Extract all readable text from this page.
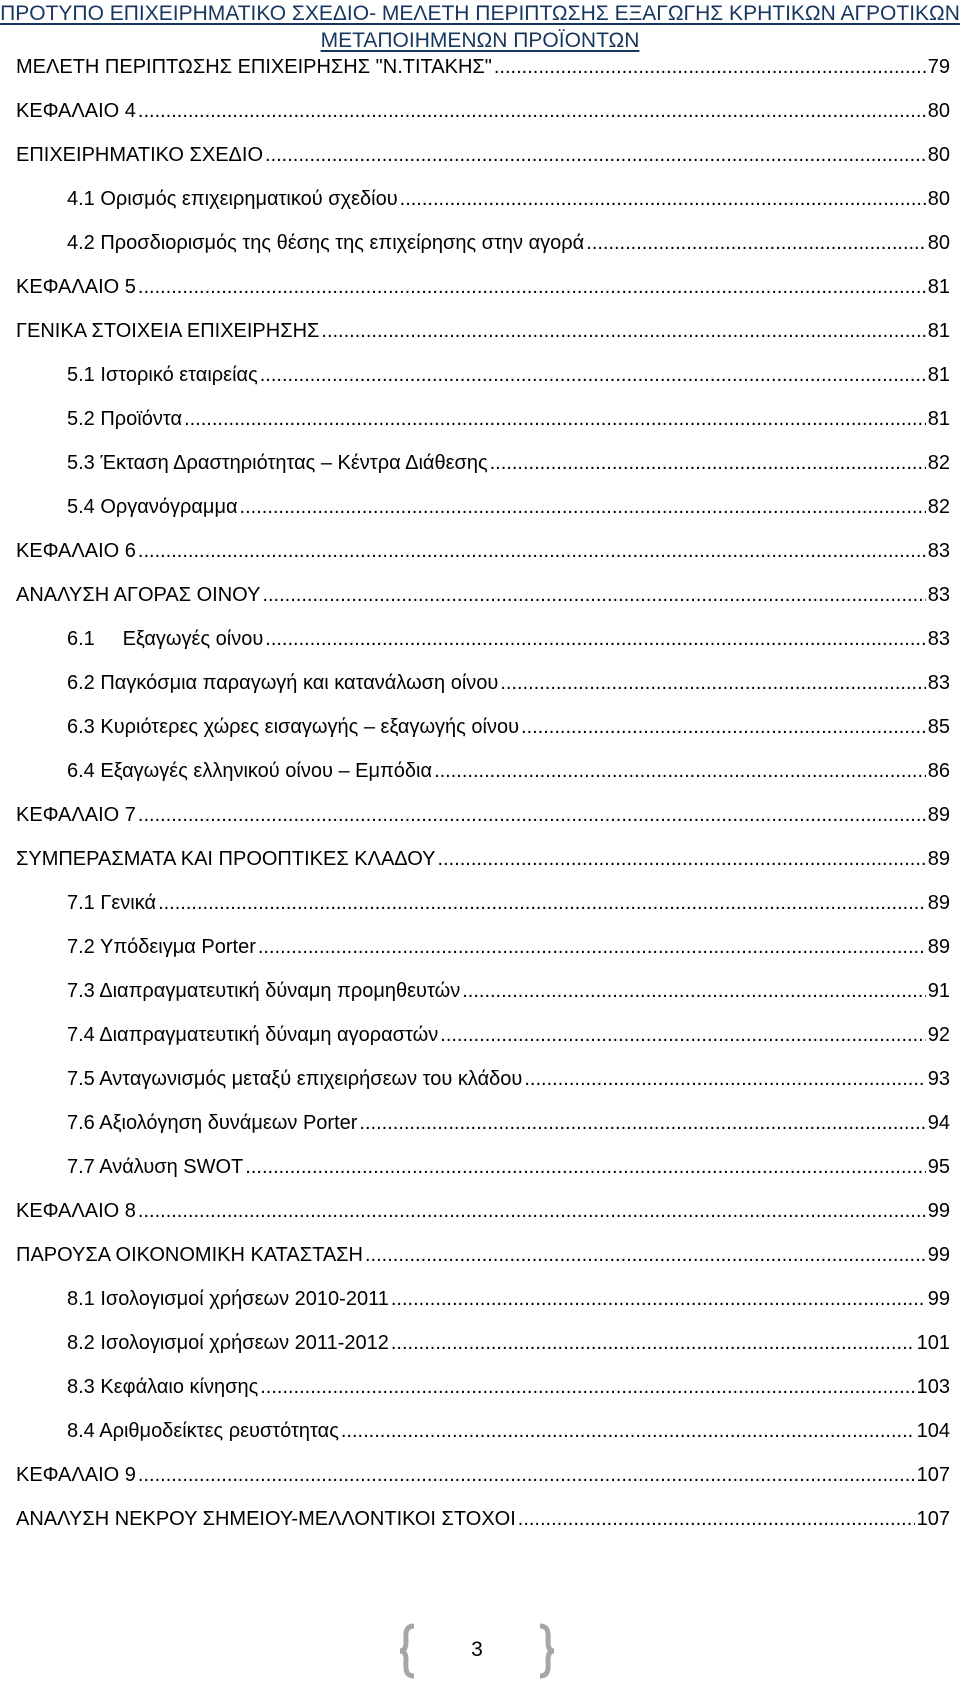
ΠΡΟΤΥΠΟ ΕΠΙΧΕΙΡΗΜΑΤΙΚΟ ΣΧΕΔΙΟ- ΜΕΛΕΤΗ ΠΕΡΙΠΤΩΣΗΣ ΕΞΑΓΩΓΗΣ ΚΡΗΤΙΚΩΝ ΑΓΡΟΤΙΚΩΝ
ΜΕΤΑΠΟΙΗΜΕΝΩΝ ΠΡΟΪΟΝΤΩΝ
ΜΕΛΕΤΗ ΠΕΡΙΠΤΩΣΗΣ ΕΠΙΧΕΙΡΗΣΗΣ "Ν.ΤΙΤΑΚΗΣ" .....	79
ΚΕΦΑΛΑΙΟ 4 .....	80
ΕΠΙΧΕΙΡΗΜΑΤΙΚΟ ΣΧΕΔΙΟ .....	80
4.1 Ορισμός επιχειρηματικού σχεδίου .....	80
4.2 Προσδιορισμός της θέσης της επιχείρησης στην αγορά .....	80
ΚΕΦΑΛΑΙΟ 5 .....	81
ΓΕΝΙΚΑ ΣΤΟΙΧΕΙΑ ΕΠΙΧΕΙΡΗΣΗΣ .....	81
5.1 Ιστορικό εταιρείας .....	81
5.2 Προϊόντα .....	81
5.3 Έκταση Δραστηριότητας – Κέντρα Διάθεσης .....	82
5.4 Οργανόγραμμα .....	82
ΚΕΦΑΛΑΙΟ 6 .....	83
ΑΝΑΛΥΣΗ ΑΓΟΡΑΣ ΟΙΝΟΥ .....	83
6.1     Εξαγωγές οίνου .....	83
6.2 Παγκόσμια παραγωγή και κατανάλωση οίνου .....	83
6.3 Κυριότερες χώρες εισαγωγής – εξαγωγής οίνου .....	85
6.4 Εξαγωγές ελληνικού οίνου – Εμπόδια .....	86
ΚΕΦΑΛΑΙΟ 7 .....	89
ΣΥΜΠΕΡΑΣΜΑΤΑ ΚΑΙ ΠΡΟΟΠΤΙΚΕΣ ΚΛΑΔΟΥ .....	89
7.1 Γενικά .....	89
7.2 Υπόδειγμα Porter .....	89
7.3 Διαπραγματευτική δύναμη προμηθευτών .....	91
7.4 Διαπραγματευτική δύναμη αγοραστών .....	92
7.5 Ανταγωνισμός μεταξύ επιχειρήσεων του κλάδου .....	93
7.6 Αξιολόγηση δυνάμεων Porter .....	94
7.7 Ανάλυση SWOT .....	95
ΚΕΦΑΛΑΙΟ 8 .....	99
ΠΑΡΟΥΣΑ ΟΙΚΟΝΟΜΙΚΗ ΚΑΤΑΣΤΑΣΗ .....	99
8.1 Ισολογισμοί χρήσεων 2010-2011 .....	99
8.2 Ισολογισμοί χρήσεων 2011-2012 .....	101
8.3 Κεφάλαιο κίνησης .....	103
8.4 Αριθμοδείκτες ρευστότητας .....	104
ΚΕΦΑΛΑΙΟ 9 .....	107
ΑΝΑΛΥΣΗ ΝΕΚΡΟΥ ΣΗΜΕΙΟΥ-ΜΕΛΛΟΝΤΙΚΟΙ ΣΤΟΧΟΙ .....	107
3
